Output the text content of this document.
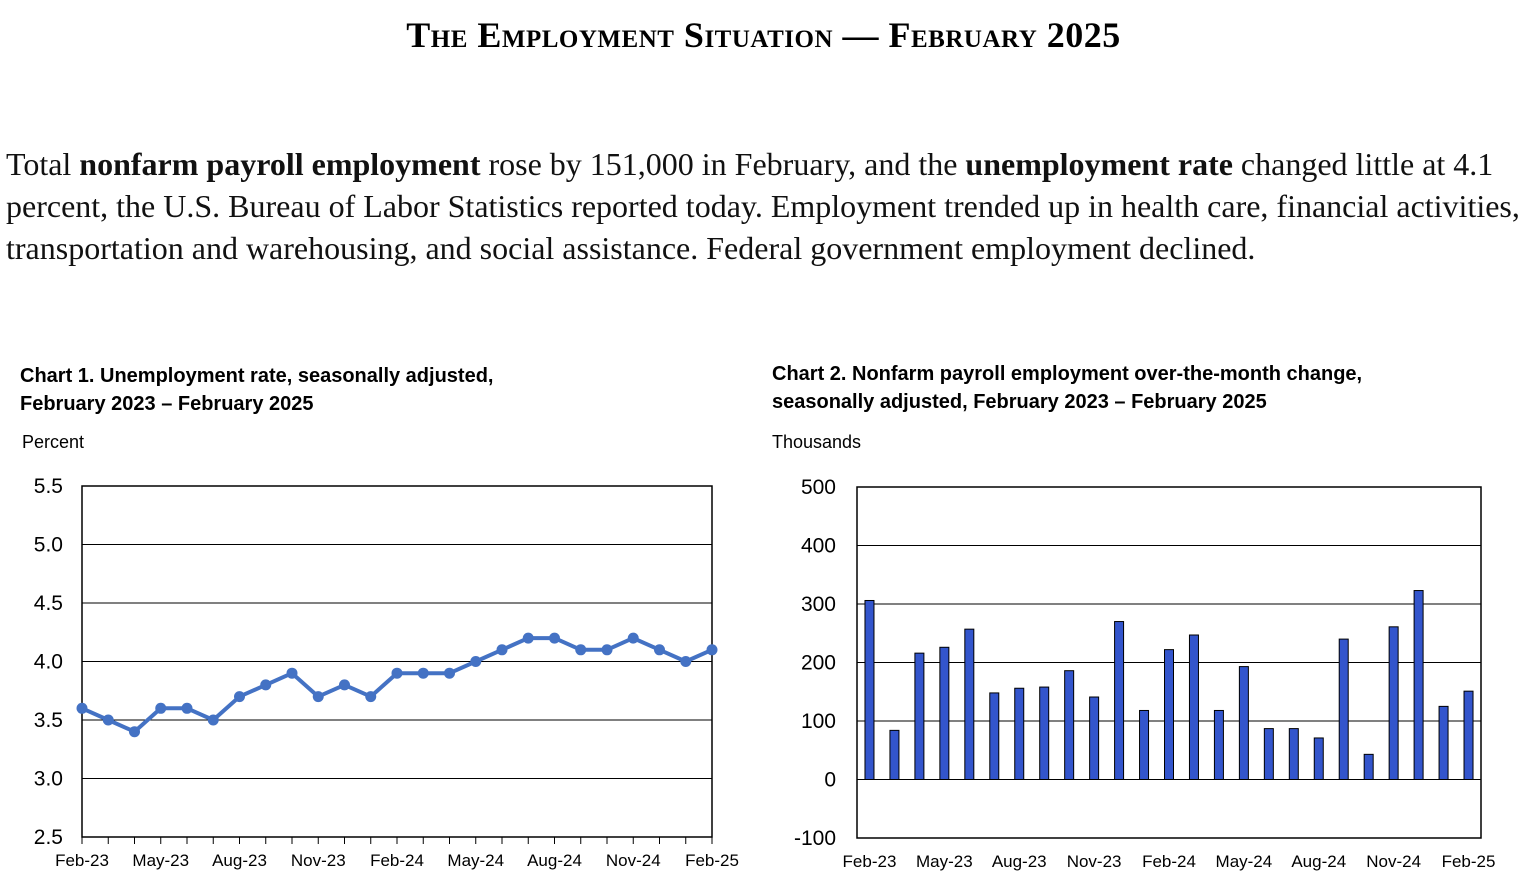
The Employment Situation — February 2025
Total nonfarm payroll employment rose by 151,000 in February, and the unemployment rate changed little at 4.1 percent, the U.S. Bureau of Labor Statistics reported today. Employment trended up in health care, financial activities, transportation and warehousing, and social assistance. Federal government employment declined.
Chart 1. Unemployment rate, seasonally adjusted,
February 2023 – February 2025
Percent
Chart 2. Nonfarm payroll employment over-the-month change,
seasonally adjusted, February 2023 – February 2025
Thousands
5.5
5.0
4.5
4.0
3.5
3.0
2.5
Feb-23 May-23 Aug-23 Nov-23 Feb-24 May-24 Aug-24 Nov-24 Feb-25
500
400
300
200
100
0
-100
Feb-23 May-23 Aug-23 Nov-23 Feb-24 May-24 Aug-24 Nov-24 Feb-25
